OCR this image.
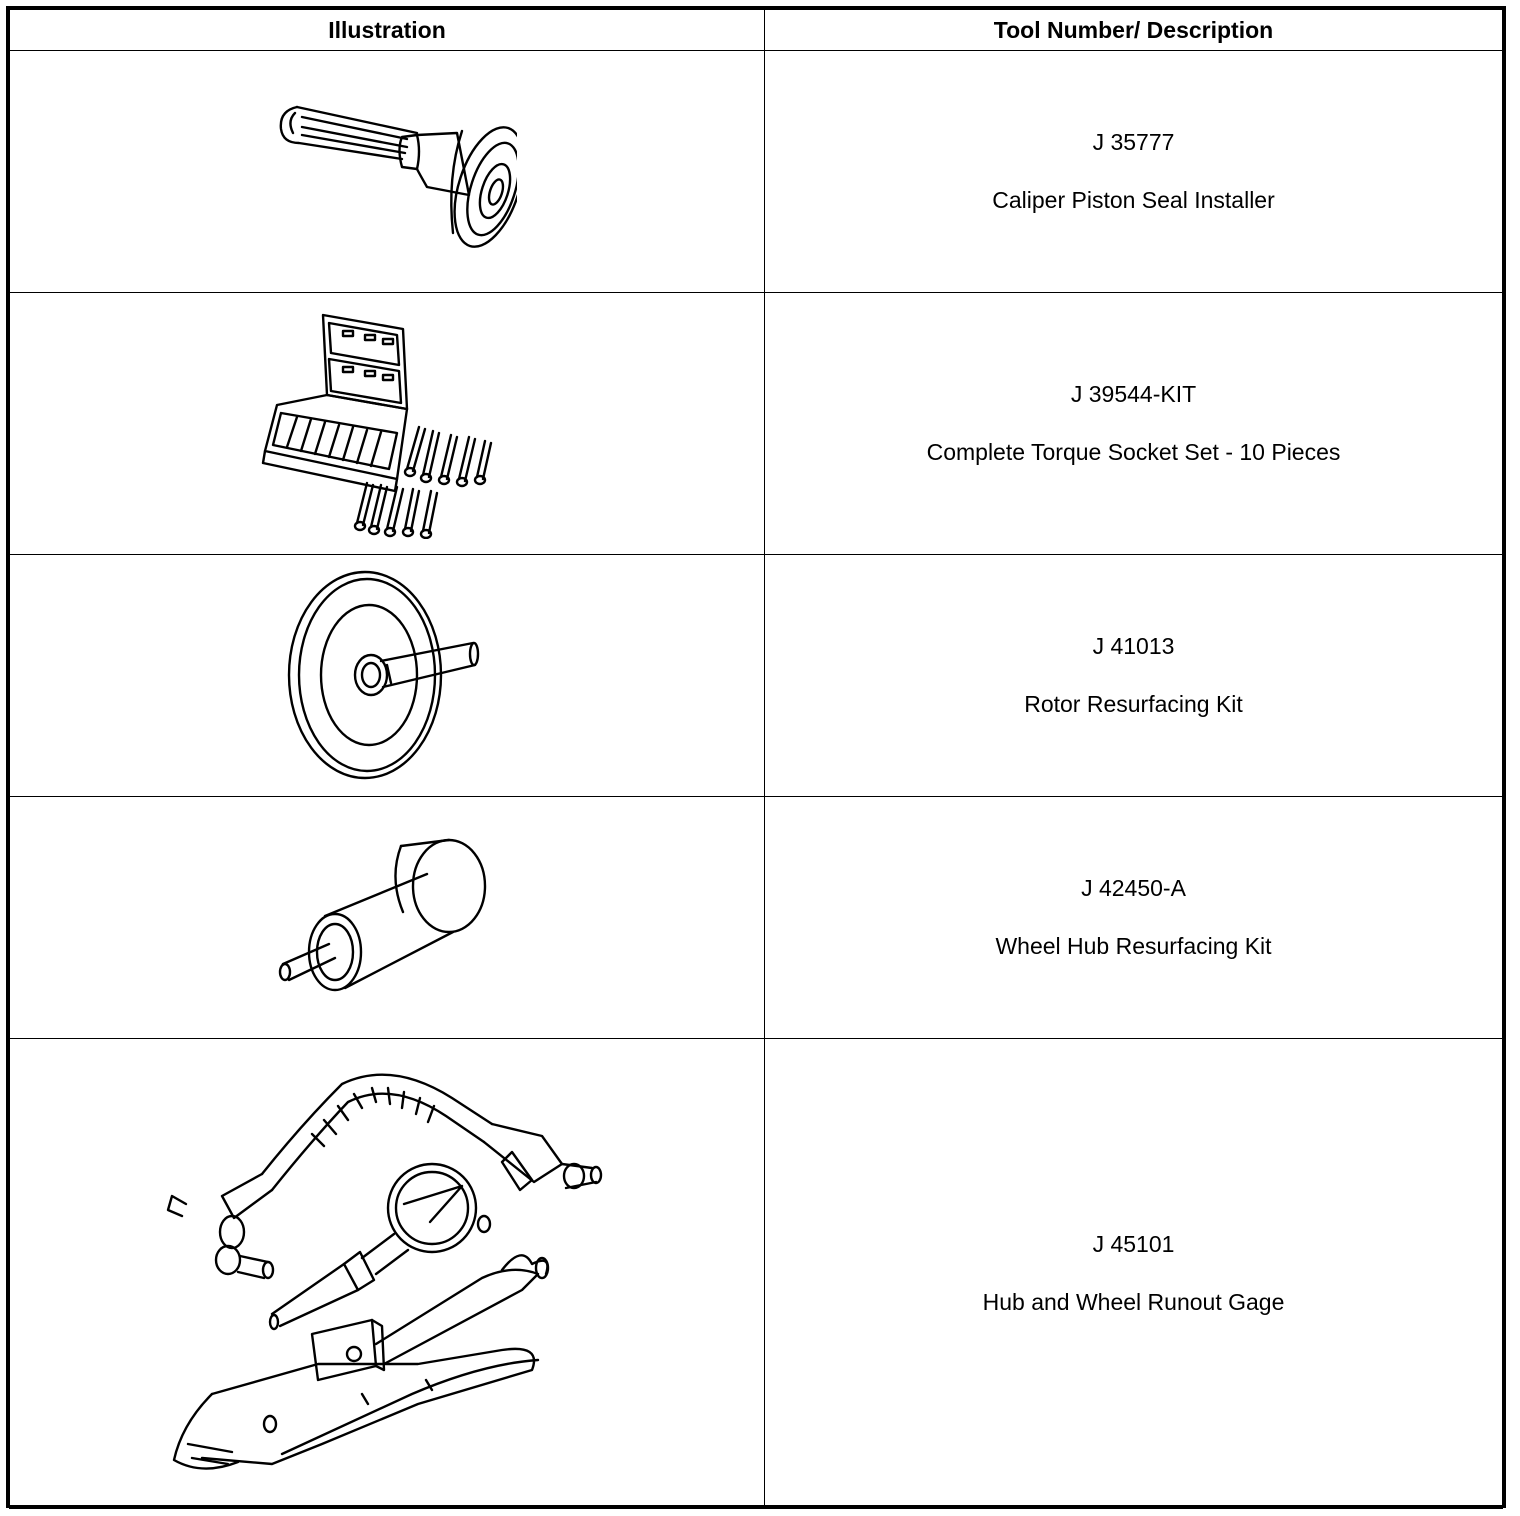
Illustration	Tool Number/ Description

J 35777
Caliper Piston Seal Installer

J 39544-KIT
Complete Torque Socket Set - 10 Pieces

J 41013
Rotor Resurfacing Kit

J 42450-A
Wheel Hub Resurfacing Kit

J 45101
Hub and Wheel Runout Gage
